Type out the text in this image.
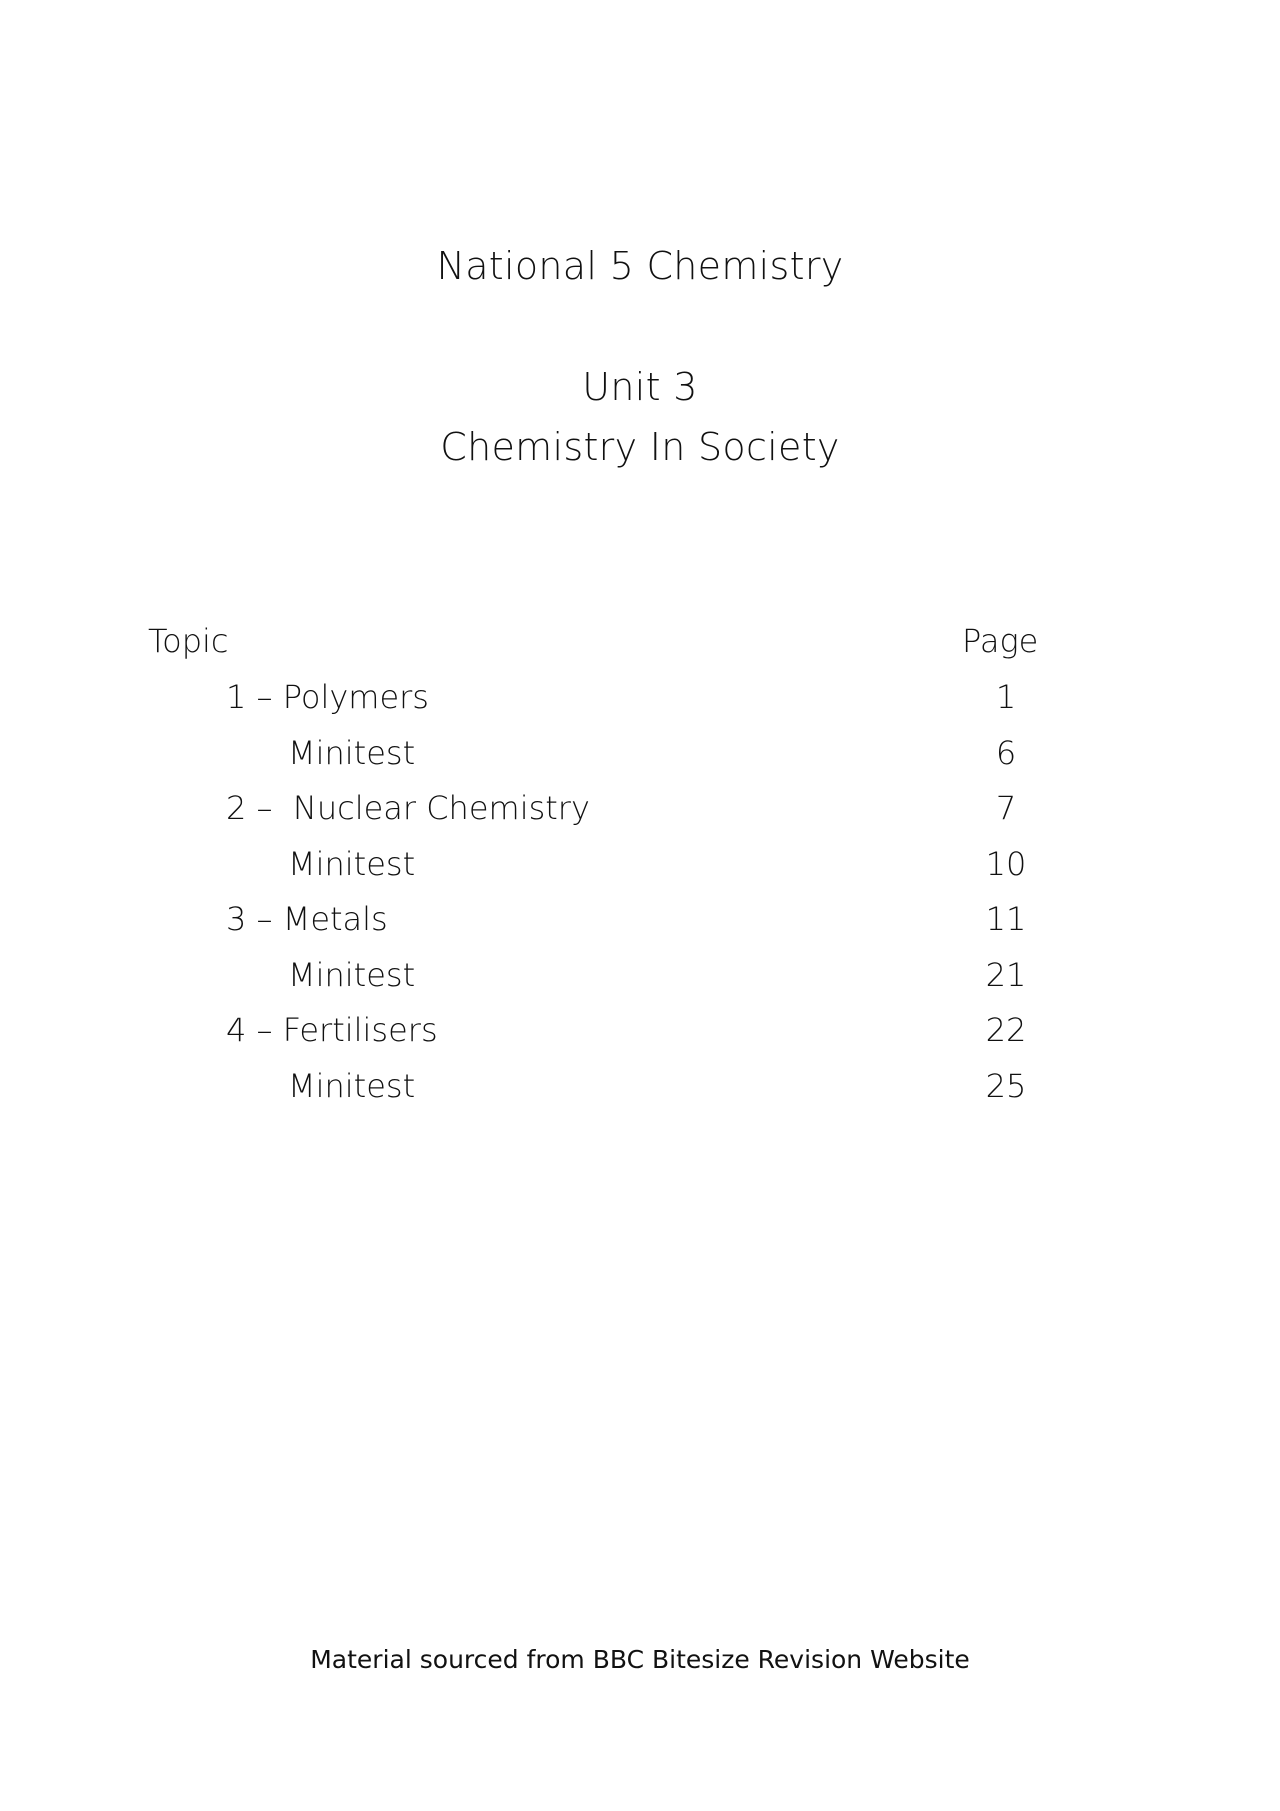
National 5 Chemistry
Unit 3
Chemistry In Society
Topic	Page
1 – Polymers	1
Minitest	6
2 –  Nuclear Chemistry	7
Minitest	10
3 – Metals	11
Minitest	21
4 – Fertilisers	22
Minitest	25
Material sourced from BBC Bitesize Revision Website
